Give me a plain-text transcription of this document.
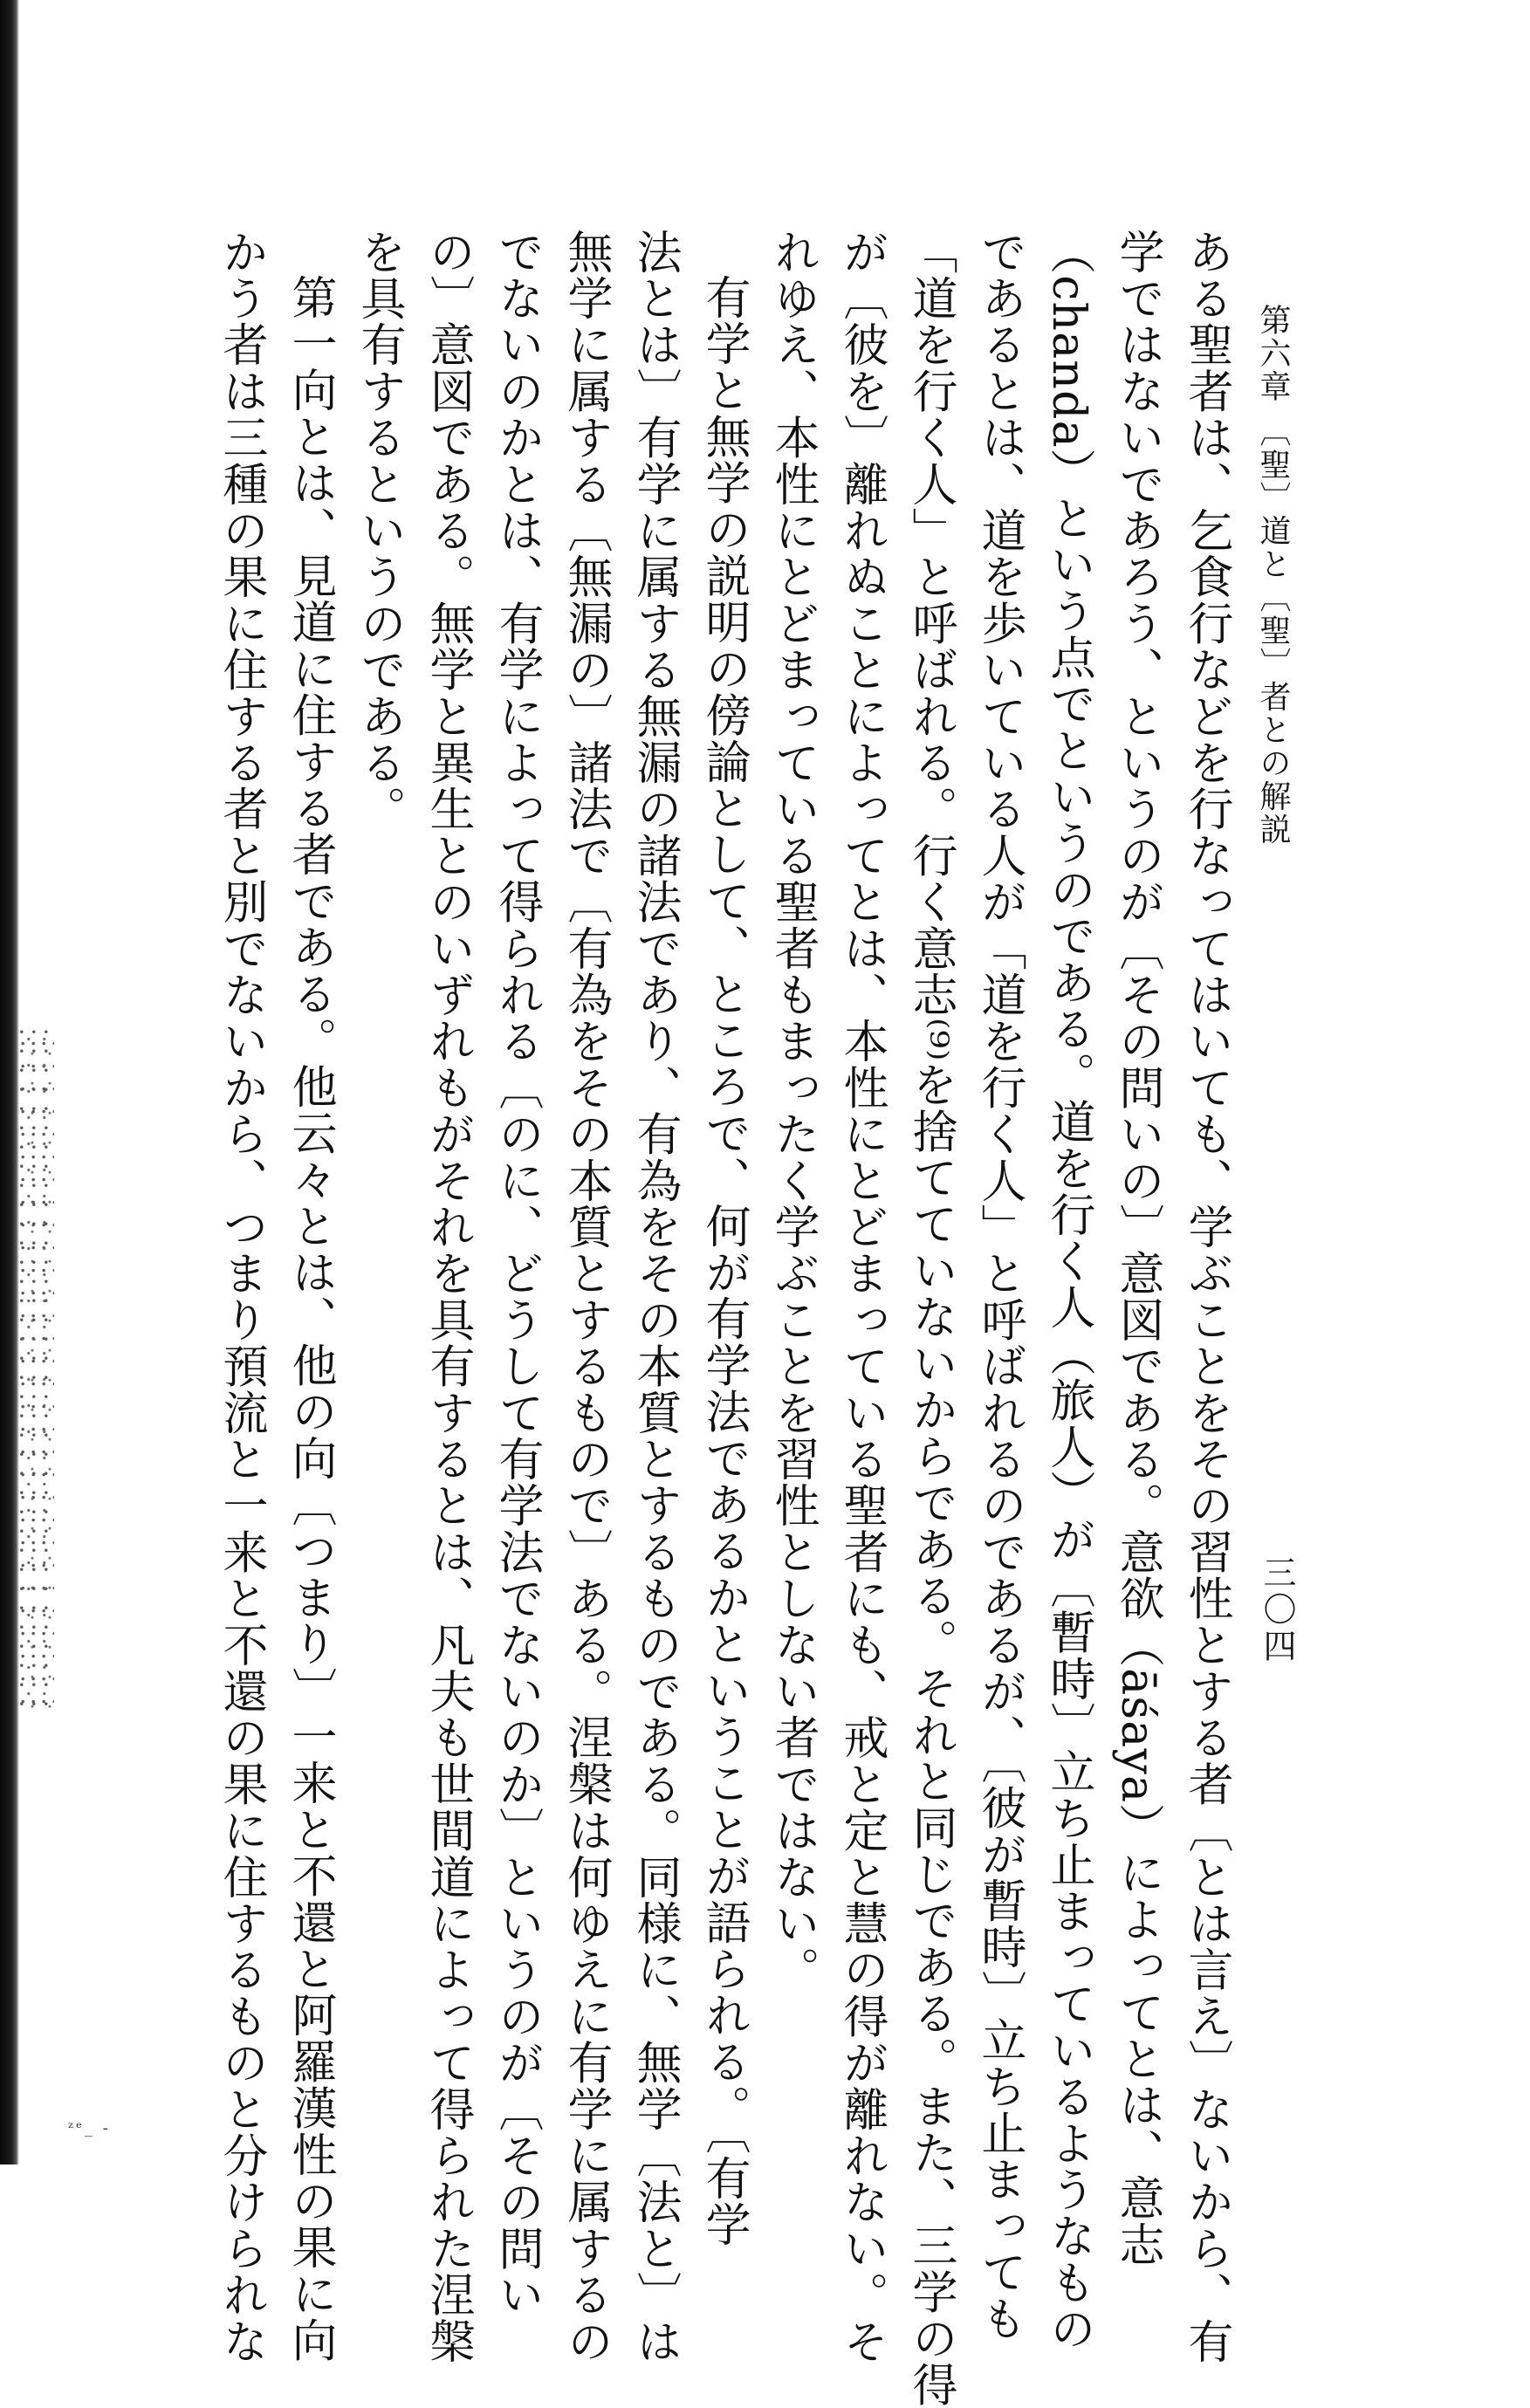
第六章 〔聖〕道と〔聖〕者との解説
三〇四
ある聖者は、乞食行などを行なってはいても、学ぶことをその習性とする者〔とは言え〕ないから、有
学ではないであろう、というのが〔その問いの〕意図である。意欲（āśaya）によってとは、意志
（chanda）という点でというのである。道を行く人（旅人）が〔暫時〕立ち止まっているようなもの
であるとは、道を歩いている人が「道を行く人」と呼ばれるのであるが、〔彼が暫時〕立ち止まっても
「道を行く人」と呼ばれる。行く意志⁽⁹⁾を捨てていないからである。それと同じである。また、三学の得
が〔彼を〕離れぬことによってとは、本性にとどまっている聖者にも、戒と定と慧の得が離れない。そ
れゆえ、本性にとどまっている聖者もまったく学ぶことを習性としない者ではない。
有学と無学の説明の傍論として、ところで、何が有学法であるかということが語られる。〔有学
法とは〕有学に属する無漏の諸法であり、有為をその本質とするものである。同様に、無学〔法と〕は
無学に属する〔無漏の〕諸法で〔有為をその本質とするもので〕ある。涅槃は何ゆえに有学に属するの
でないのかとは、有学によって得られる〔のに、どうして有学法でないのか〕というのが〔その問い
の〕意図である。無学と異生とのいずれもがそれを具有するとは、凡夫も世間道によって得られた涅槃
を具有するというのである。
第一向とは、見道に住する者である。他云々とは、他の向〔つまり〕一来と不還と阿羅漢性の果に向
かう者は三種の果に住する者と別でないから、つまり預流と一来と不還の果に住するものと分けられな
ᶻᵉ_ -
